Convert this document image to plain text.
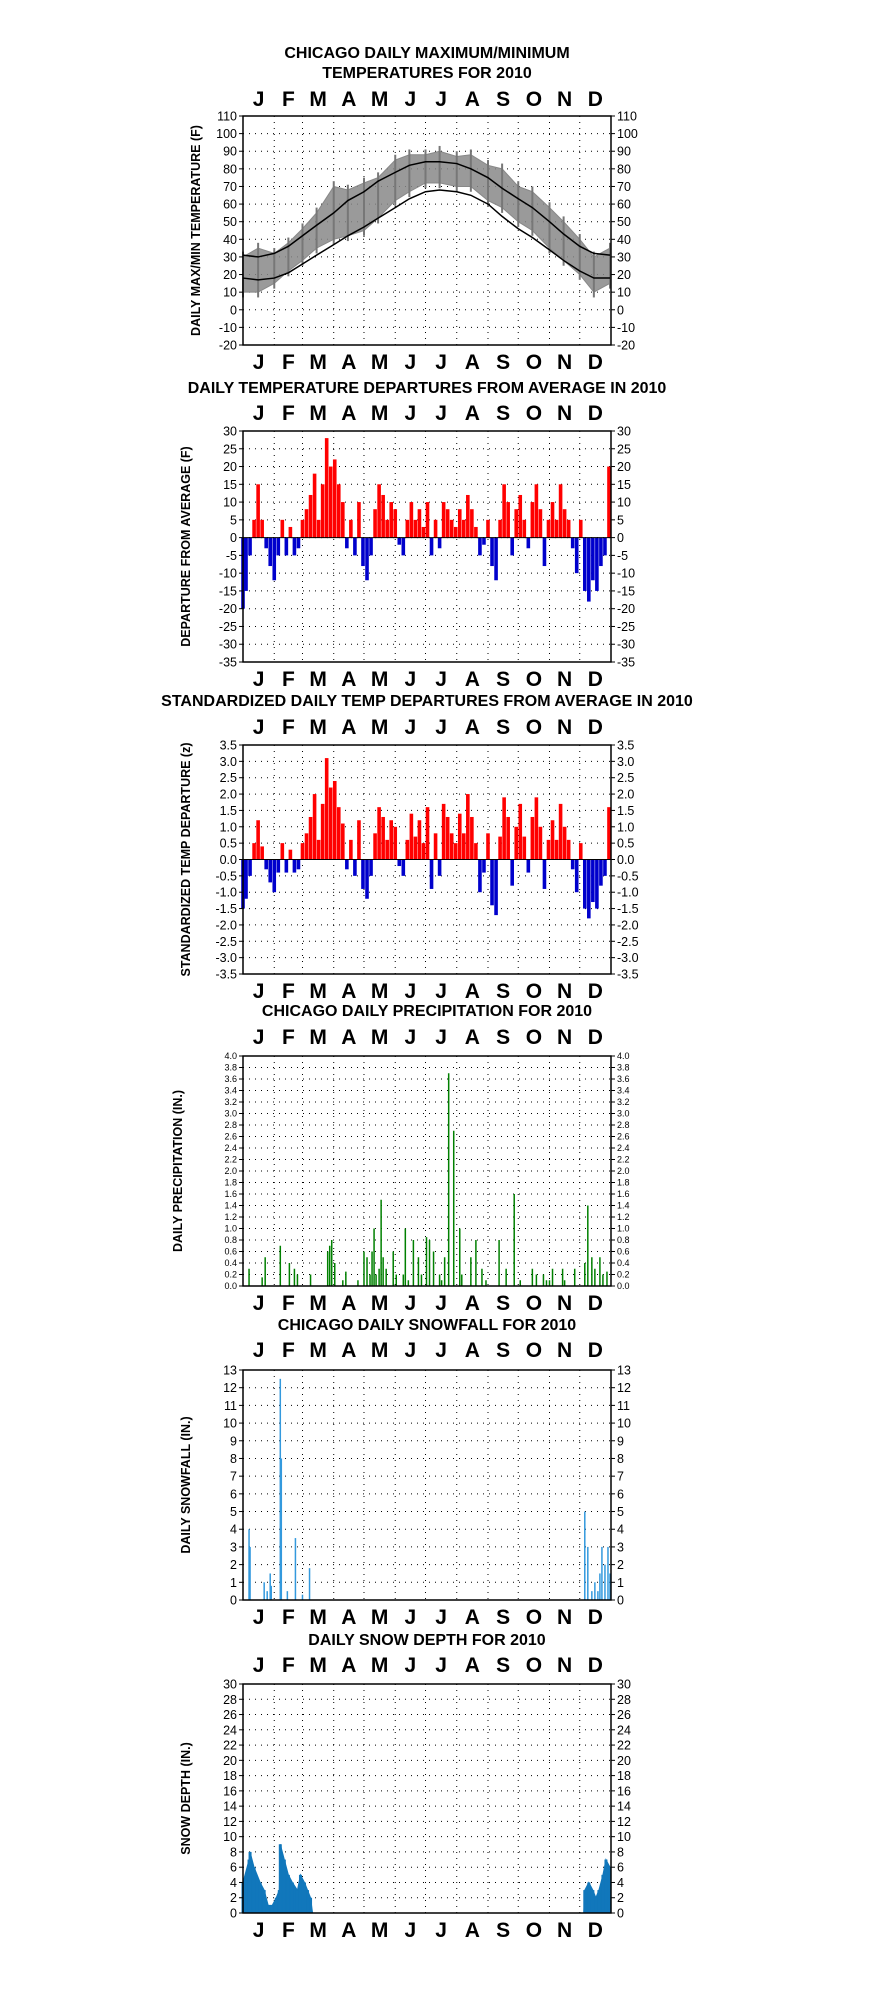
CHICAGO DAILY MAXIMUM/MINIMUM
TEMPERATURES FOR 2010
J
J
F
F
M
M
A
A
M
M
J
J
J
J
A
A
S
S
O
O
N
N
D
D
-20	-20
-10	-10
0	0
10	10
20	20
30	30
40	40
50	50
60	60
70	70
80	80
90	90
100	100
110	110
DAILY MAX/MIN TEMPERATURE (F)
DAILY TEMPERATURE DEPARTURES FROM AVERAGE IN 2010
J
J
F
F
M
M
A
A
M
M
J
J
J
J
A
A
S
S
O
O
N
N
D
D
-35	-35
-30	-30
-25	-25
-20	-20
-15	-15
-10	-10
-5	-5
0	0
5	5
10	10
15	15
20	20
25	25
30	30
DEPARTURE FROM AVERAGE (F)
STANDARDIZED DAILY TEMP DEPARTURES FROM AVERAGE IN 2010
J
J
F
F
M
M
A
A
M
M
J
J
J
J
A
A
S
S
O
O
N
N
D
D
-3.5	-3.5
-3.0	-3.0
-2.5	-2.5
-2.0	-2.0
-1.5	-1.5
-1.0	-1.0
-0.5	-0.5
0.0	0.0
0.5	0.5
1.0	1.0
1.5	1.5
2.0	2.0
2.5	2.5
3.0	3.0
3.5	3.5
STANDARDIZED TEMP DEPARTURE (z)
CHICAGO DAILY PRECIPITATION FOR 2010
J
J
F
F
M
M
A
A
M
M
J
J
J
J
A
A
S
S
O
O
N
N
D
D
0.0	0.0
0.2	0.2
0.4	0.4
0.6	0.6
0.8	0.8
1.0	1.0
1.2	1.2
1.4	1.4
1.6	1.6
1.8	1.8
2.0	2.0
2.2	2.2
2.4	2.4
2.6	2.6
2.8	2.8
3.0	3.0
3.2	3.2
3.4	3.4
3.6	3.6
3.8	3.8
4.0	4.0
DAILY PRECIPITATION (IN.)
CHICAGO DAILY SNOWFALL FOR 2010
J
J
F
F
M
M
A
A
M
M
J
J
J
J
A
A
S
S
O
O
N
N
D
D
0	0
1	1
2	2
3	3
4	4
5	5
6	6
7	7
8	8
9	9
10	10
11	11
12	12
13	13
DAILY SNOWFALL (IN.)
DAILY SNOW DEPTH FOR 2010
J
J
F
F
M
M
A
A
M
M
J
J
J
J
A
A
S
S
O
O
N
N
D
D
0	0
2	2
4	4
6	6
8	8
10	10
12	12
14	14
16	16
18	18
20	20
22	22
24	24
26	26
28	28
30	30
SNOW DEPTH (IN.)
